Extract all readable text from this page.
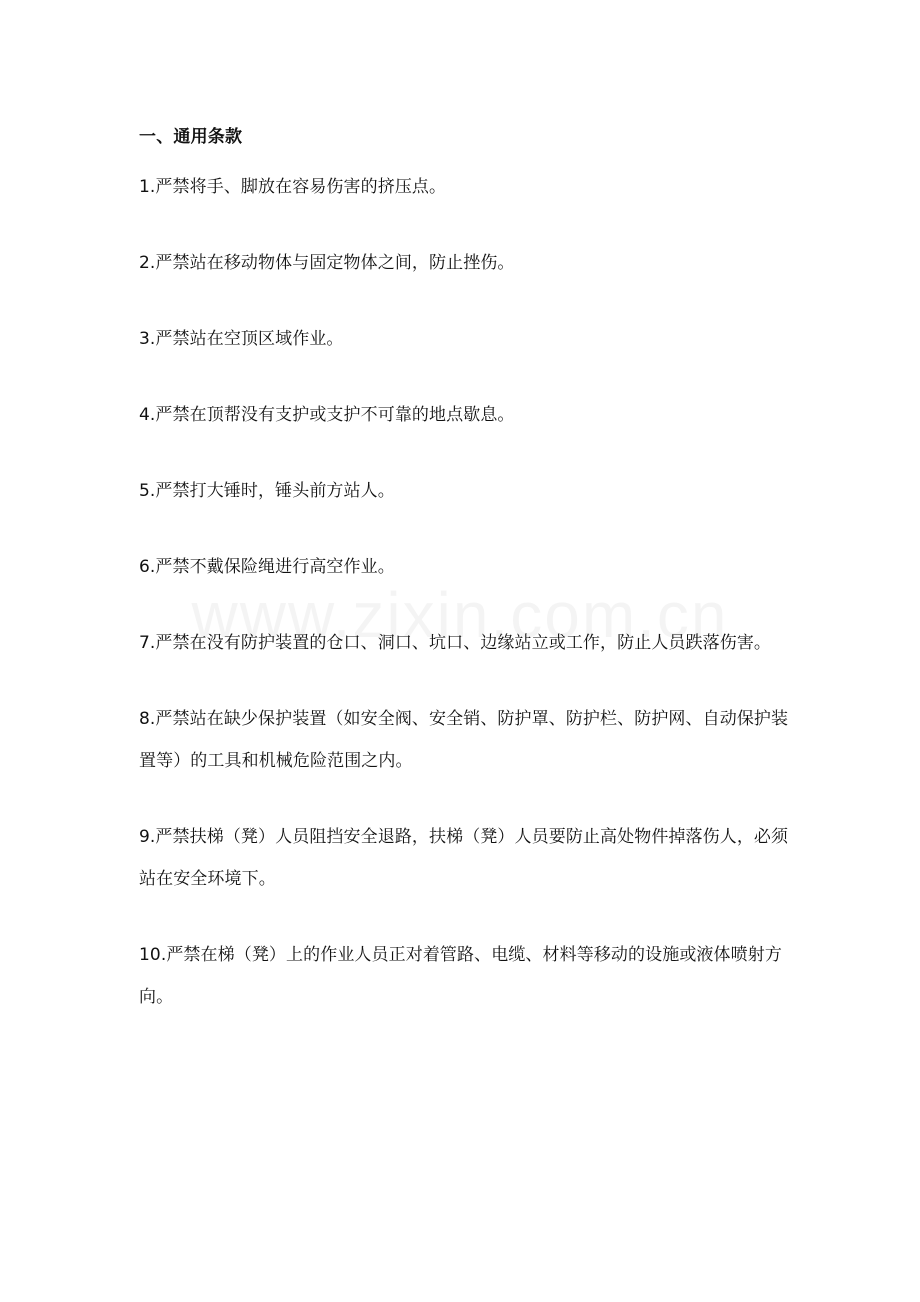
一、通用条款

1.严禁将手、脚放在容易伤害的挤压点。

2.严禁站在移动物体与固定物体之间，防止挫伤。

3.严禁站在空顶区域作业。

4.严禁在顶帮没有支护或支护不可靠的地点歇息。

5.严禁打大锤时，锤头前方站人。

6.严禁不戴保险绳进行高空作业。

7.严禁在没有防护装置的仓口、洞口、坑口、边缘站立或工作，防止人员跌落伤害。

8.严禁站在缺少保护装置（如安全阀、安全销、防护罩、防护栏、防护网、自动保护装置等）的工具和机械危险范围之内。

9.严禁扶梯（凳）人员阻挡安全退路，扶梯（凳）人员要防止高处物件掉落伤人，必须站在安全环境下。

10.严禁在梯（凳）上的作业人员正对着管路、电缆、材料等移动的设施或液体喷射方向。
